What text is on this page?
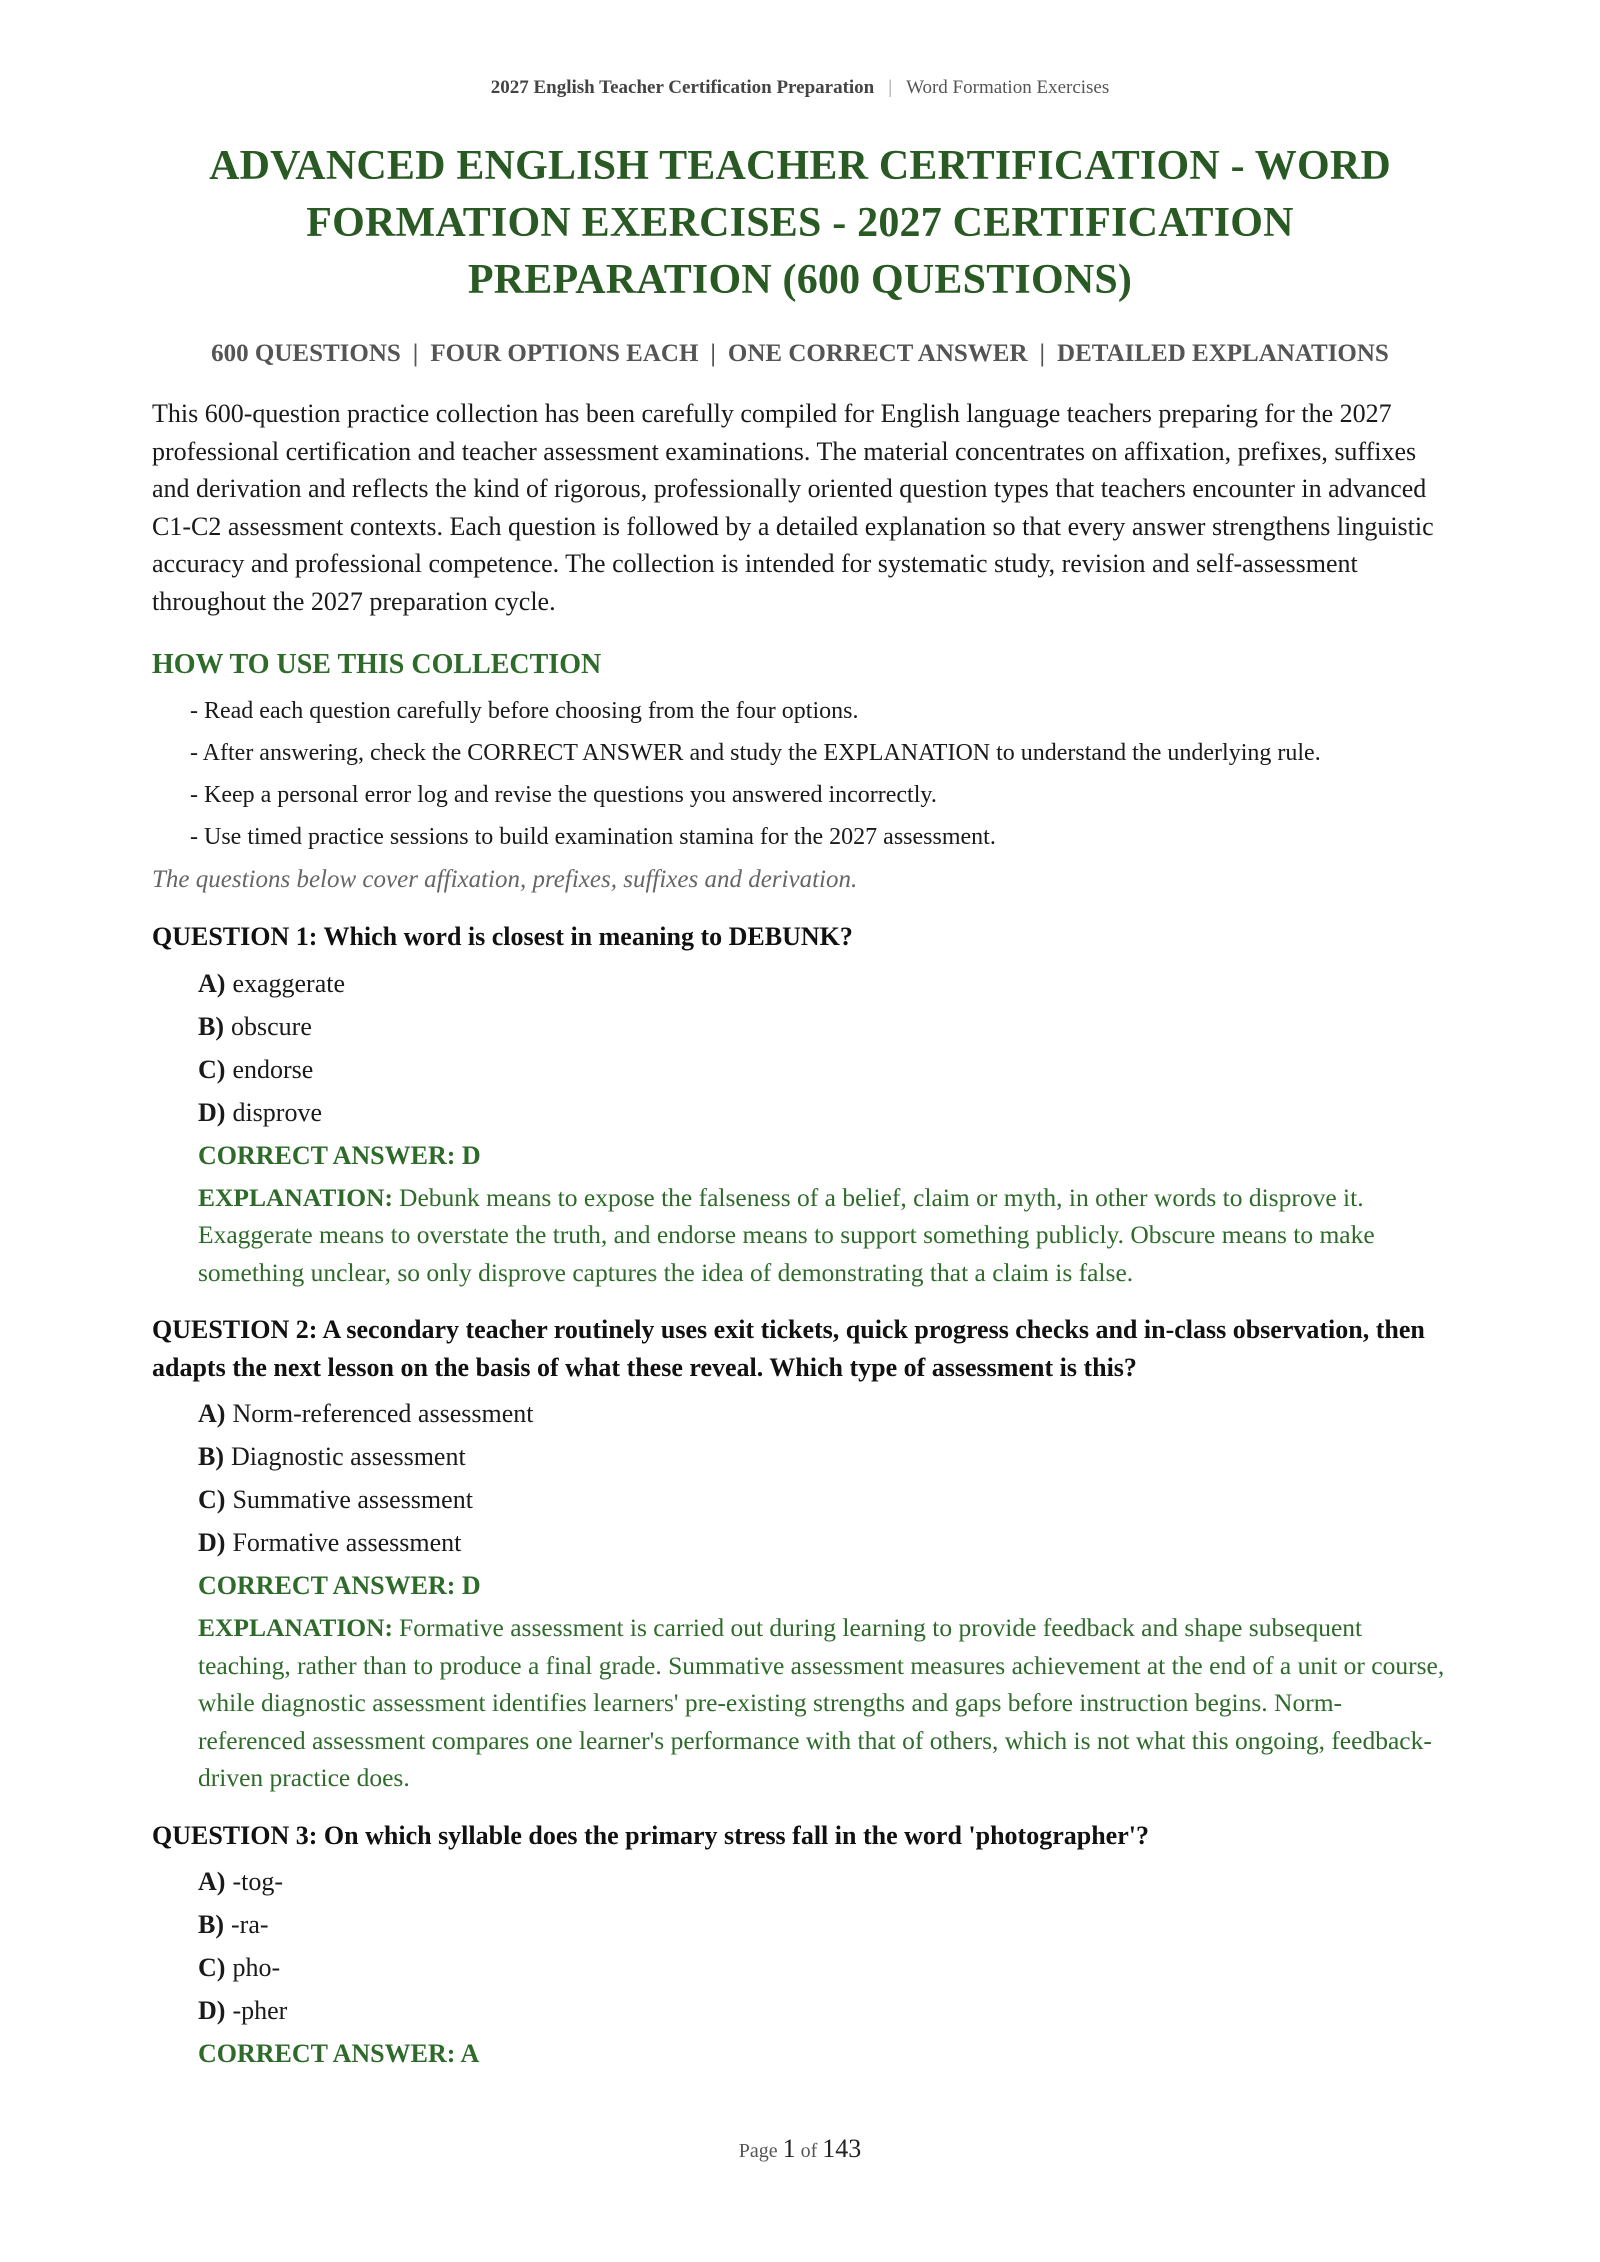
2027 English Teacher Certification Preparation | Word Formation Exercises
ADVANCED ENGLISH TEACHER CERTIFICATION - WORD FORMATION EXERCISES - 2027 CERTIFICATION PREPARATION (600 QUESTIONS)
600 QUESTIONS | FOUR OPTIONS EACH | ONE CORRECT ANSWER | DETAILED EXPLANATIONS

This 600-question practice collection has been carefully compiled for English language teachers preparing for the 2027 professional certification and teacher assessment examinations. The material concentrates on affixation, prefixes, suffixes and derivation and reflects the kind of rigorous, professionally oriented question types that teachers encounter in advanced C1-C2 assessment contexts. Each question is followed by a detailed explanation so that every answer strengthens linguistic accuracy and professional competence. The collection is intended for systematic study, revision and self-assessment throughout the 2027 preparation cycle.

HOW TO USE THIS COLLECTION
- Read each question carefully before choosing from the four options.
- After answering, check the CORRECT ANSWER and study the EXPLANATION to understand the underlying rule.
- Keep a personal error log and revise the questions you answered incorrectly.
- Use timed practice sessions to build examination stamina for the 2027 assessment.
The questions below cover affixation, prefixes, suffixes and derivation.
QUESTION 1: Which word is closest in meaning to DEBUNK?
A) exaggerate
B) obscure
C) endorse
D) disprove
CORRECT ANSWER: D
EXPLANATION: Debunk means to expose the falseness of a belief, claim or myth, in other words to disprove it. Exaggerate means to overstate the truth, and endorse means to support something publicly. Obscure means to make something unclear, so only disprove captures the idea of demonstrating that a claim is false.
QUESTION 2: A secondary teacher routinely uses exit tickets, quick progress checks and in-class observation, then adapts the next lesson on the basis of what these reveal. Which type of assessment is this?
A) Norm-referenced assessment
B) Diagnostic assessment
C) Summative assessment
D) Formative assessment
CORRECT ANSWER: D
EXPLANATION: Formative assessment is carried out during learning to provide feedback and shape subsequent teaching, rather than to produce a final grade. Summative assessment measures achievement at the end of a unit or course, while diagnostic assessment identifies learners' pre-existing strengths and gaps before instruction begins. Norm-referenced assessment compares one learner's performance with that of others, which is not what this ongoing, feedback-driven practice does.
QUESTION 3: On which syllable does the primary stress fall in the word 'photographer'?
A) -tog-
B) -ra-
C) pho-
D) -pher
CORRECT ANSWER: A
Page 1 of 143
